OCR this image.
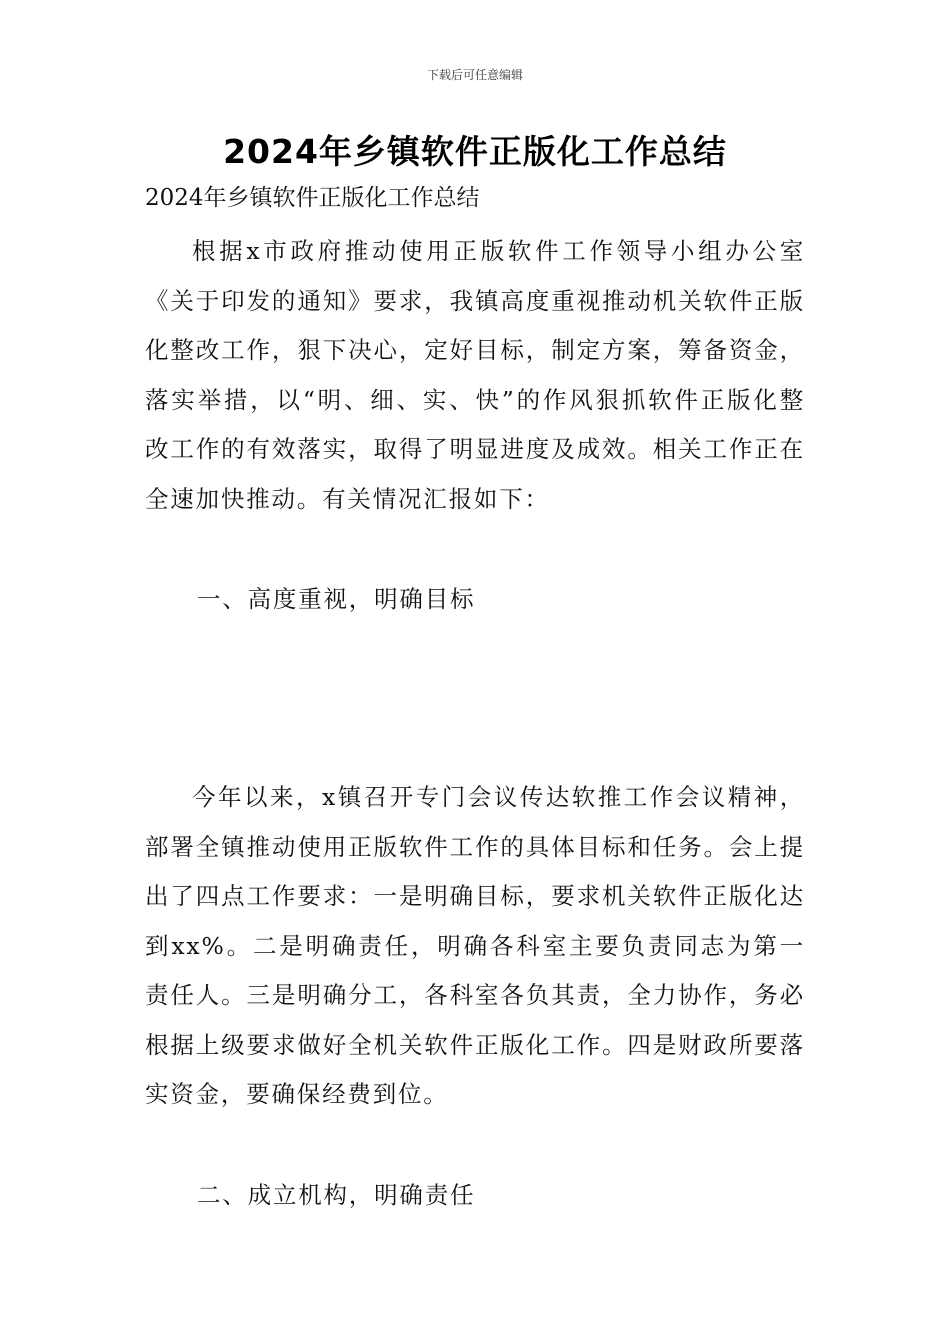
下载后可任意编辑
2024年乡镇软件正版化工作总结
2024年乡镇软件正版化工作总结

根据x市政府推动使用正版软件工作领导小组办公室《关于印发的通知》要求，我镇高度重视推动机关软件正版化整改工作，狠下决心，定好目标，制定方案，筹备资金，落实举措，以“明、细、实、快”的作风狠抓软件正版化整改工作的有效落实，取得了明显进度及成效。相关工作正在全速加快推动。有关情况汇报如下：

一、高度重视，明确目标

今年以来，x镇召开专门会议传达软推工作会议精神，部署全镇推动使用正版软件工作的具体目标和任务。会上提出了四点工作要求：一是明确目标，要求机关软件正版化达到xx%。二是明确责任，明确各科室主要负责同志为第一责任人。三是明确分工，各科室各负其责，全力协作，务必根据上级要求做好全机关软件正版化工作。四是财政所要落实资金，要确保经费到位。

二、成立机构，明确责任
